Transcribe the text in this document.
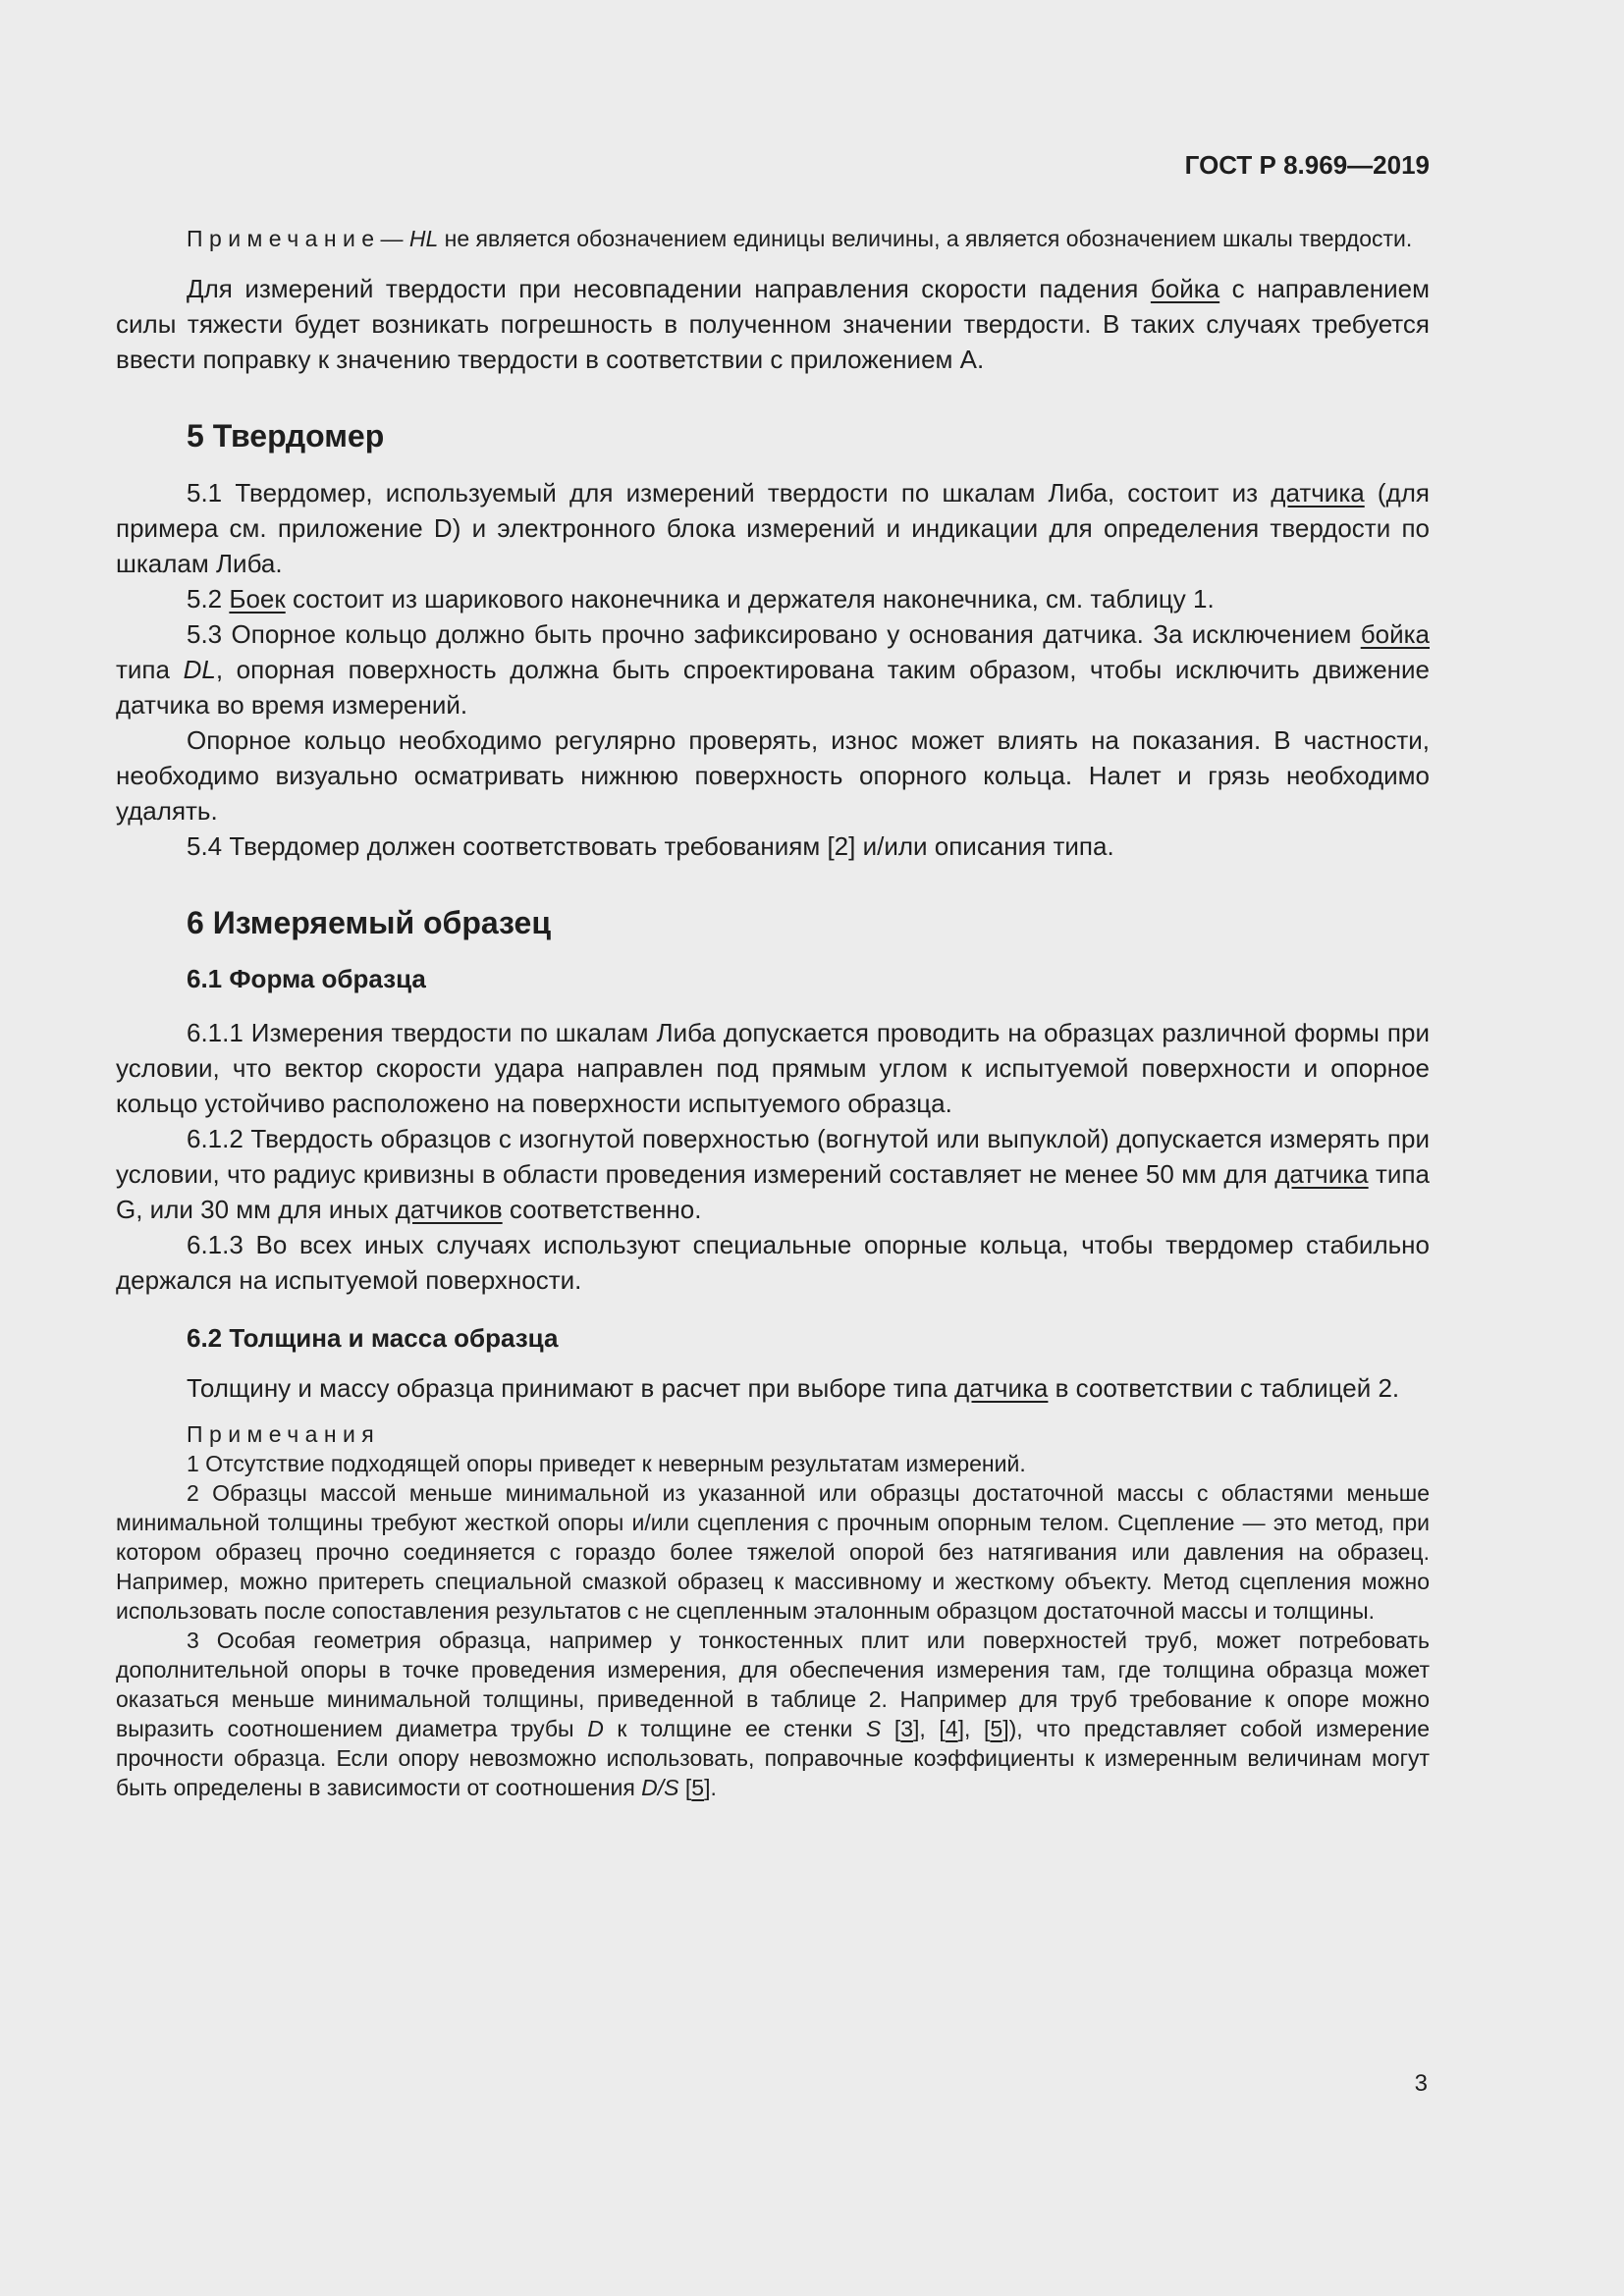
ГОСТ Р 8.969—2019

Примечание — HL не является обозначением единицы величины, а является обозначением шкалы твердости.

Для измерений твердости при несовпадении направления скорости падения бойка с направлением силы тяжести будет возникать погрешность в полученном значении твердости. В таких случаях требуется ввести поправку к значению твердости в соответствии с приложением А.

5 Твердомер

5.1 Твердомер, используемый для измерений твердости по шкалам Либа, состоит из датчика (для примера см. приложение D) и электронного блока измерений и индикации для определения твердости по шкалам Либа.

5.2 Боек состоит из шарикового наконечника и держателя наконечника, см. таблицу 1.

5.3 Опорное кольцо должно быть прочно зафиксировано у основания датчика. За исключением бойка типа DL, опорная поверхность должна быть спроектирована таким образом, чтобы исключить движение датчика во время измерений.

Опорное кольцо необходимо регулярно проверять, износ может влиять на показания. В частности, необходимо визуально осматривать нижнюю поверхность опорного кольца. Налет и грязь необходимо удалять.

5.4 Твердомер должен соответствовать требованиям [2] и/или описания типа.

6 Измеряемый образец
6.1 Форма образца

6.1.1 Измерения твердости по шкалам Либа допускается проводить на образцах различной формы при условии, что вектор скорости удара направлен под прямым углом к испытуемой поверхности и опорное кольцо устойчиво расположено на поверхности испытуемого образца.

6.1.2 Твердость образцов с изогнутой поверхностью (вогнутой или выпуклой) допускается измерять при условии, что радиус кривизны в области проведения измерений составляет не менее 50 мм для датчика типа G, или 30 мм для иных датчиков соответственно.

6.1.3 Во всех иных случаях используют специальные опорные кольца, чтобы твердомер стабильно держался на испытуемой поверхности.

6.2 Толщина и масса образца

Толщину и массу образца принимают в расчет при выборе типа датчика в соответствии с таблицей 2.

Примечания

1 Отсутствие подходящей опоры приведет к неверным результатам измерений.

2 Образцы массой меньше минимальной из указанной или образцы достаточной массы с областями меньше минимальной толщины требуют жесткой опоры и/или сцепления с прочным опорным телом. Сцепление — это метод, при котором образец прочно соединяется с гораздо более тяжелой опорой без натягивания или давления на образец. Например, можно притереть специальной смазкой образец к массивному и жесткому объекту. Метод сцепления можно использовать после сопоставления результатов с не сцепленным эталонным образцом достаточной массы и толщины.

3 Особая геометрия образца, например у тонкостенных плит или поверхностей труб, может потребовать дополнительной опоры в точке проведения измерения, для обеспечения измерения там, где толщина образца может оказаться меньше минимальной толщины, приведенной в таблице 2. Например для труб требование к опоре можно выразить соотношением диаметра трубы D к толщине ее стенки S [3], [4], [5]), что представляет собой измерение прочности образца. Если опору невозможно использовать, поправочные коэффициенты к измеренным величинам могут быть определены в зависимости от соотношения D/S [5].

3
